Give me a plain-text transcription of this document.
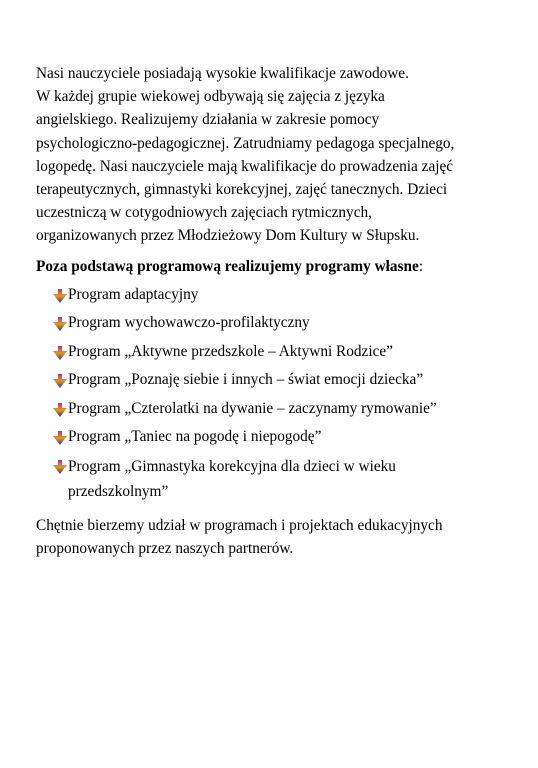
Nasi nauczyciele posiadają wysokie kwalifikacje zawodowe.
W każdej grupie wiekowej odbywają się zajęcia z języka
angielskiego. Realizujemy działania w zakresie pomocy
psychologiczno-pedagogicznej. Zatrudniamy pedagoga specjalnego,
logopedę. Nasi nauczyciele mają kwalifikacje do prowadzenia zajęć
terapeutycznych, gimnastyki korekcyjnej, zajęć tanecznych. Dzieci
uczestniczą w cotygodniowych zajęciach rytmicznych,
organizowanych przez Młodzieżowy Dom Kultury w Słupsku.
Poza podstawą programową realizujemy programy własne:
Program adaptacyjny
Program wychowawczo-profilaktyczny
Program „Aktywne przedszkole – Aktywni Rodzice”
Program „Poznaję siebie i innych – świat emocji dziecka”
Program „Czterolatki na dywanie – zaczynamy rymowanie”
Program „Taniec na pogodę i niepogodę”
Program „Gimnastyka korekcyjna dla dzieci w wieku
przedszkolnym”
Chętnie bierzemy udział w programach i projektach edukacyjnych
proponowanych przez naszych partnerów.
